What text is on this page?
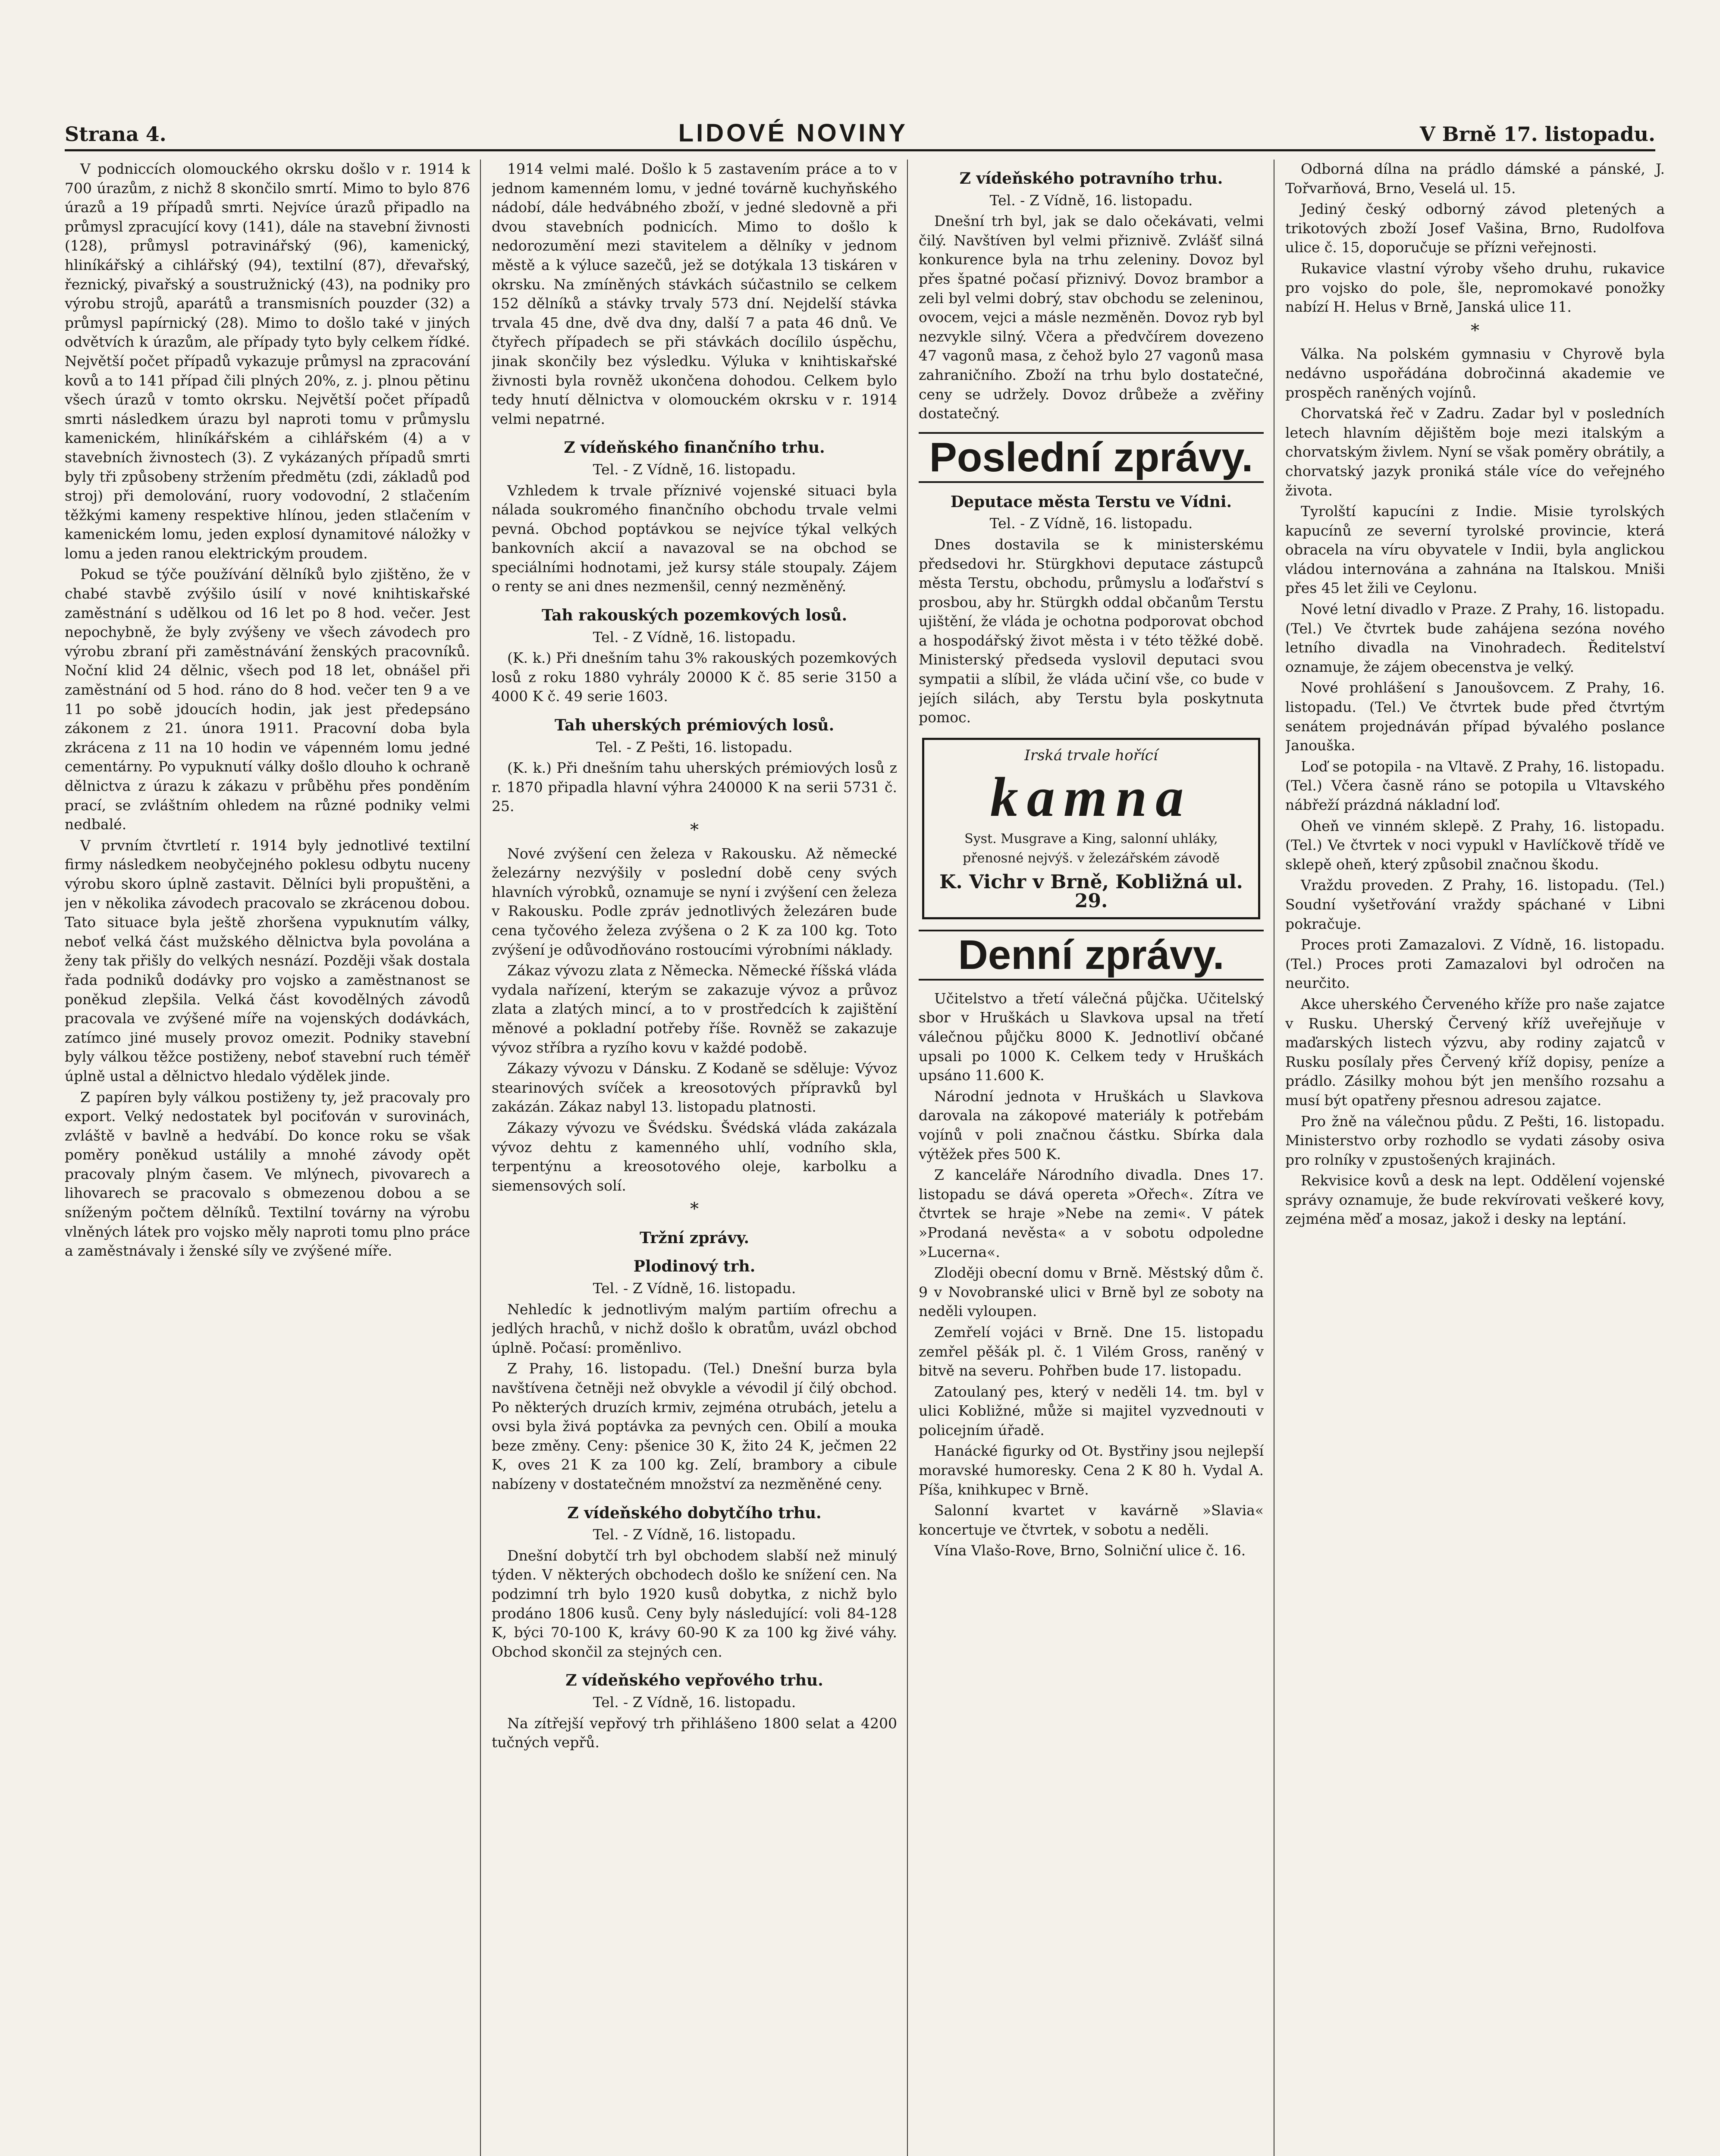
Strana 4.	LIDOVÉ NOVINY	V Brně 17. listopadu.

V podniccích olomouckého okrsku došlo v r. 1914 k 700 úrazům, z nichž 8 skončilo smrtí. Mimo to bylo 876 úrazů a 19 případů smrti. Nejvíce úrazů připadlo na průmysl zpracující kovy (141), dále na stavební živnosti (128), průmysl potravinářský (96), kamenický, hliníkářský a cihlářský (94), textilní (87), dřevařský, řeznický, pivařský a soustružnický (43), na podniky pro výrobu strojů, aparátů a transmisních pouzder (32) a průmysl papírnický (28). Mimo to došlo také v jiných odvětvích k úrazům, ale případy tyto byly celkem řídké. Největší počet případů vykazuje průmysl na zpracování kovů a to 141 případ čili plných 20%, z. j. plnou pětinu všech úrazů v tomto okrsku. Největší počet případů smrti následkem úrazu byl naproti tomu v průmyslu kamenickém, hliníkářském a cihlářském (4) a v stavebních živnostech (3). Z vykázaných případů smrti byly tři způsobeny stržením předmětu (zdi, základů pod stroj) při demolování, ruory vodovodní, 2 stlačením těžkými kameny respektive hlínou, jeden stlačením v kamenickém lomu, jeden explosí dynamitové náložky v lomu a jeden ranou elektrickým proudem.

Pokud se týče používání dělníků bylo zjištěno, že v chabé stavbě zvýšilo úsilí v nové knihtiskařské zaměstnání s udělkou od 16 let po 8 hod. večer. Jest nepochybně, že byly zvýšeny ve všech závodech pro výrobu zbraní při zaměstnávání ženských pracovníků. Noční klid 24 dělnic, všech pod 18 let, obnášel při zaměstnání od 5 hod. ráno do 8 hod. večer ten 9 a ve 11 po sobě jdoucích hodin, jak jest předepsáno zákonem z 21. února 1911. Pracovní doba byla zkrácena z 11 na 10 hodin ve vápenném lomu jedné cementárny. Po vypuknutí války došlo dlouho k ochraně dělnictva z úrazu k zákazu v průběhu přes ponděním prací, se zvláštním ohledem na různé podniky velmi nedbalé.

V prvním čtvrtletí r. 1914 byly jednotlivé textilní firmy následkem neobyčejného poklesu odbytu nuceny výrobu skoro úplně zastavit. Dělníci byli propuštěni, a jen v několika závodech pracovalo se zkrácenou dobou. Tato situace byla ještě zhoršena vypuknutím války, neboť velká část mužského dělnictva byla povolána a ženy tak přišly do velkých nesnází. Později však dostala řada podniků dodávky pro vojsko a zaměstnanost se poněkud zlepšila. Velká část kovodělných závodů pracovala ve zvýšené míře na vojenských dodávkách, zatímco jiné musely provoz omezit. Podniky stavební byly válkou těžce postiženy, neboť stavební ruch téměř úplně ustal a dělnictvo hledalo výdělek jinde.

Z papíren byly válkou postiženy ty, jež pracovaly pro export. Velký nedostatek byl pociťován v surovinách, zvláště v bavlně a hedvábí. Do konce roku se však poměry poněkud ustálily a mnohé závody opět pracovaly plným časem. Ve mlýnech, pivovarech a lihovarech se pracovalo s obmezenou dobou a se sníženým počtem dělníků. Textilní továrny na výrobu vlněných látek pro vojsko měly naproti tomu plno práce a zaměstnávaly i ženské síly ve zvýšené míře.

1914 velmi malé. Došlo k 5 zastavením práce a to v jednom kamenném lomu, v jedné továrně kuchyňského nádobí, dále hedvábného zboží, v jedné sledovně a při dvou stavebních podnicích. Mimo to došlo k nedorozumění mezi stavitelem a dělníky v jednom městě a k výluce sazečů, jež se dotýkala 13 tiskáren v okrsku. Na zmíněných stávkách súčastnilo se celkem 152 dělníků a stávky trvaly 573 dní. Nejdelší stávka trvala 45 dne, dvě dva dny, další 7 a pata 46 dnů. Ve čtyřech případech se při stávkách docílilo úspěchu, jinak skončily bez výsledku. Výluka v knihtiskařské živnosti byla rovněž ukončena dohodou. Celkem bylo tedy hnutí dělnictva v olomouckém okrsku v r. 1914 velmi nepatrné.

Z vídeňského finančního trhu.

Tel. - Z Vídně, 16. listopadu.

Vzhledem k trvale příznivé vojenské situaci byla nálada soukromého finančního obchodu trvale velmi pevná. Obchod poptávkou se nejvíce týkal velkých bankovních akcií a navazoval se na obchod se speciálními hodnotami, jež kursy stále stoupaly. Zájem o renty se ani dnes nezmenšil, cenný nezměněný.

Tah rakouských pozemkových losů.

Tel. - Z Vídně, 16. listopadu.

(K. k.) Při dnešním tahu 3% rakouských pozemkových losů z roku 1880 vyhrály 20000 K č. 85 serie 3150 a 4000 K č. 49 serie 1603.

Tah uherských prémiových losů.

Tel. - Z Pešti, 16. listopadu.

(K. k.) Při dnešním tahu uherských prémiových losů z r. 1870 připadla hlavní výhra 240000 K na serii 5731 č. 25.

*

Nové zvýšení cen železa v Rakousku. Až německé železárny nezvýšily v poslední době ceny svých hlavních výrobků, oznamuje se nyní i zvýšení cen železa v Rakousku. Podle zpráv jednotlivých železáren bude cena tyčového železa zvýšena o 2 K za 100 kg. Toto zvýšení je odůvodňováno rostoucími výrobními náklady.

Zákaz vývozu zlata z Německa. Německé říšská vláda vydala nařízení, kterým se zakazuje vývoz a průvoz zlata a zlatých mincí, a to v prostředcích k zajištění měnové a pokladní potřeby říše. Rovněž se zakazuje vývoz stříbra a ryzího kovu v každé podobě.

Zákazy vývozu v Dánsku. Z Kodaně se sděluje: Vývoz stearinových svíček a kreosotových přípravků byl zakázán. Zákaz nabyl 13. listopadu platnosti.

Zákazy vývozu ve Švédsku. Švédská vláda zakázala vývoz dehtu z kamenného uhlí, vodního skla, terpentýnu a kreosotového oleje, karbolku a siemensových solí.

*

Tržní zprávy.

Plodinový trh.

Tel. - Z Vídně, 16. listopadu.

Nehledíc k jednotlivým malým partiím ofrechu a jedlých hrachů, v nichž došlo k obratům, uvázl obchod úplně. Počasí: proměnlivo.

Z Prahy, 16. listopadu. (Tel.) Dnešní burza byla navštívena četněji než obvykle a vévodil jí čilý obchod. Po některých druzích krmiv, zejména otrubách, jetelu a ovsi byla živá poptávka za pevných cen. Obilí a mouka beze změny. Ceny: pšenice 30 K, žito 24 K, ječmen 22 K, oves 21 K za 100 kg. Zelí, brambory a cibule nabízeny v dostatečném množství za nezměněné ceny.

Z vídeňského dobytčího trhu.

Tel. - Z Vídně, 16. listopadu.

Dnešní dobytčí trh byl obchodem slabší než minulý týden. V některých obchodech došlo ke snížení cen. Na podzimní trh bylo 1920 kusů dobytka, z nichž bylo prodáno 1806 kusů. Ceny byly následující: voli 84-128 K, býci 70-100 K, krávy 60-90 K za 100 kg živé váhy. Obchod skončil za stejných cen.

Z vídeňského vepřového trhu.

Tel. - Z Vídně, 16. listopadu.

Na zítřejší vepřový trh přihlášeno 1800 selat a 4200 tučných vepřů.

Z vídeňského potravního trhu.

Tel. - Z Vídně, 16. listopadu.

Dnešní trh byl, jak se dalo očekávati, velmi čilý. Navštíven byl velmi přiznivě. Zvlášť silná konkurence byla na trhu zeleniny. Dovoz byl přes špatné počasí přiznivý. Dovoz brambor a zeli byl velmi dobrý, stav obchodu se zeleninou, ovocem, vejci a másle nezměněn. Dovoz ryb byl nezvykle silný. Včera a předvčírem dovezeno 47 vagonů masa, z čehož bylo 27 vagonů masa zahraničního. Zboží na trhu bylo dostatečné, ceny se udržely. Dovoz drůbeže a zvěřiny dostatečný.

Poslední zprávy.

Deputace města Terstu ve Vídni.

Tel. - Z Vídně, 16. listopadu.

Dnes dostavila se k ministerskému předsedovi hr. Stürgkhovi deputace zástupců města Terstu, obchodu, průmyslu a loďařství s prosbou, aby hr. Stürgkh oddal občanům Terstu ujištění, že vláda je ochotna podporovat obchod a hospodářský život města i v této těžké době. Ministerský předseda vyslovil deputaci svou sympatii a slíbil, že vláda učiní vše, co bude v jejích silách, aby Terstu byla poskytnuta pomoc.

Irská trvale hořící
kamna
Syst. Musgrave a King, salonní uhláky, přenosné nejvýš. v železářském závodě
K. Vichr v Brně, Kobližná ul. 29.

Denní zprávy.

Učitelstvo a třetí válečná půjčka. Učitelský sbor v Hruškách u Slavkova upsal na třetí válečnou půjčku 8000 K. Jednotliví občané upsali po 1000 K. Celkem tedy v Hruškách upsáno 11.600 K.

Národní jednota v Hruškách u Slavkova darovala na zákopové materiály k potřebám vojínů v poli značnou částku. Sbírka dala výtěžek přes 500 K.

Z kanceláře Národního divadla. Dnes 17. listopadu se dává opereta »Ořech«. Zítra ve čtvrtek se hraje »Nebe na zemi«. V pátek »Prodaná nevěsta« a v sobotu odpoledne »Lucerna«.

Zloději obecní domu v Brně. Městský dům č. 9 v Novobranské ulici v Brně byl ze soboty na neděli vyloupen.

Zemřelí vojáci v Brně. Dne 15. listopadu zemřel pěšák pl. č. 1 Vilém Gross, raněný v bitvě na severu. Pohřben bude 17. listopadu.

Zatoulaný pes, který v neděli 14. tm. byl v ulici Kobližné, může si majitel vyzvednouti v policejním úřadě.

Hanácké figurky od Ot. Bystřiny jsou nejlepší moravské humoresky. Cena 2 K 80 h. Vydal A. Píša, knihkupec v Brně.

Salonní kvartet v kavárně »Slavia« koncertuje ve čtvrtek, v sobotu a neděli.

Vína Vlašo-Rove, Brno, Solniční ulice č. 16.

Odborná dílna na prádlo dámské a pánské, J. Tořvarňová, Brno, Veselá ul. 15.

Jediný český odborný závod pletených a trikotových zboží Josef Vašina, Brno, Rudolfova ulice č. 15, doporučuje se přízni veřejnosti.

Rukavice vlastní výroby všeho druhu, rukavice pro vojsko do pole, šle, nepromokavé ponožky nabízí H. Helus v Brně, Janská ulice 11.

*

Válka. Na polském gymnasiu v Chyrově byla nedávno uspořádána dobročinná akademie ve prospěch raněných vojínů.

Chorvatská řeč v Zadru. Zadar byl v posledních letech hlavním dějištěm boje mezi italským a chorvatským živlem. Nyní se však poměry obrátily, a chorvatský jazyk proniká stále více do veřejného života.

Tyrolští kapucíni z Indie. Misie tyrolských kapucínů ze severní tyrolské provincie, která obracela na víru obyvatele v Indii, byla anglickou vládou internována a zahnána na Italskou. Mniši přes 45 let žili ve Ceylonu.

Nové letní divadlo v Praze. Z Prahy, 16. listopadu. (Tel.) Ve čtvrtek bude zahájena sezóna nového letního divadla na Vinohradech. Ředitelství oznamuje, že zájem obecenstva je velký.

Nové prohlášení s Janoušovcem. Z Prahy, 16. listopadu. (Tel.) Ve čtvrtek bude před čtvrtým senátem projednáván případ bývalého poslance Janouška.

Loď se potopila - na Vltavě. Z Prahy, 16. listopadu. (Tel.) Včera časně ráno se potopila u Vltavského nábřeží prázdná nákladní loď.

Oheň ve vinném sklepě. Z Prahy, 16. listopadu. (Tel.) Ve čtvrtek v noci vypukl v Havlíčkově třídě ve sklepě oheň, který způsobil značnou škodu.

Vraždu proveden. Z Prahy, 16. listopadu. (Tel.) Soudní vyšetřování vraždy spáchané v Libni pokračuje.

Proces proti Zamazalovi. Z Vídně, 16. listopadu. (Tel.) Proces proti Zamazalovi byl odročen na neurčito.

Akce uherského Červeného kříže pro naše zajatce v Rusku. Uherský Červený kříž uveřejňuje v maďarských listech výzvu, aby rodiny zajatců v Rusku posílaly přes Červený kříž dopisy, peníze a prádlo. Zásilky mohou být jen menšího rozsahu a musí být opatřeny přesnou adresou zajatce.

Pro žně na válečnou půdu. Z Pešti, 16. listopadu. Ministerstvo orby rozhodlo se vydati zásoby osiva pro rolníky v zpustošených krajinách.

Rekvisice kovů a desk na lept. Oddělení vojenské správy oznamuje, že bude rekvírovati veškeré kovy, zejména měď a mosaz, jakož i desky na leptání.
